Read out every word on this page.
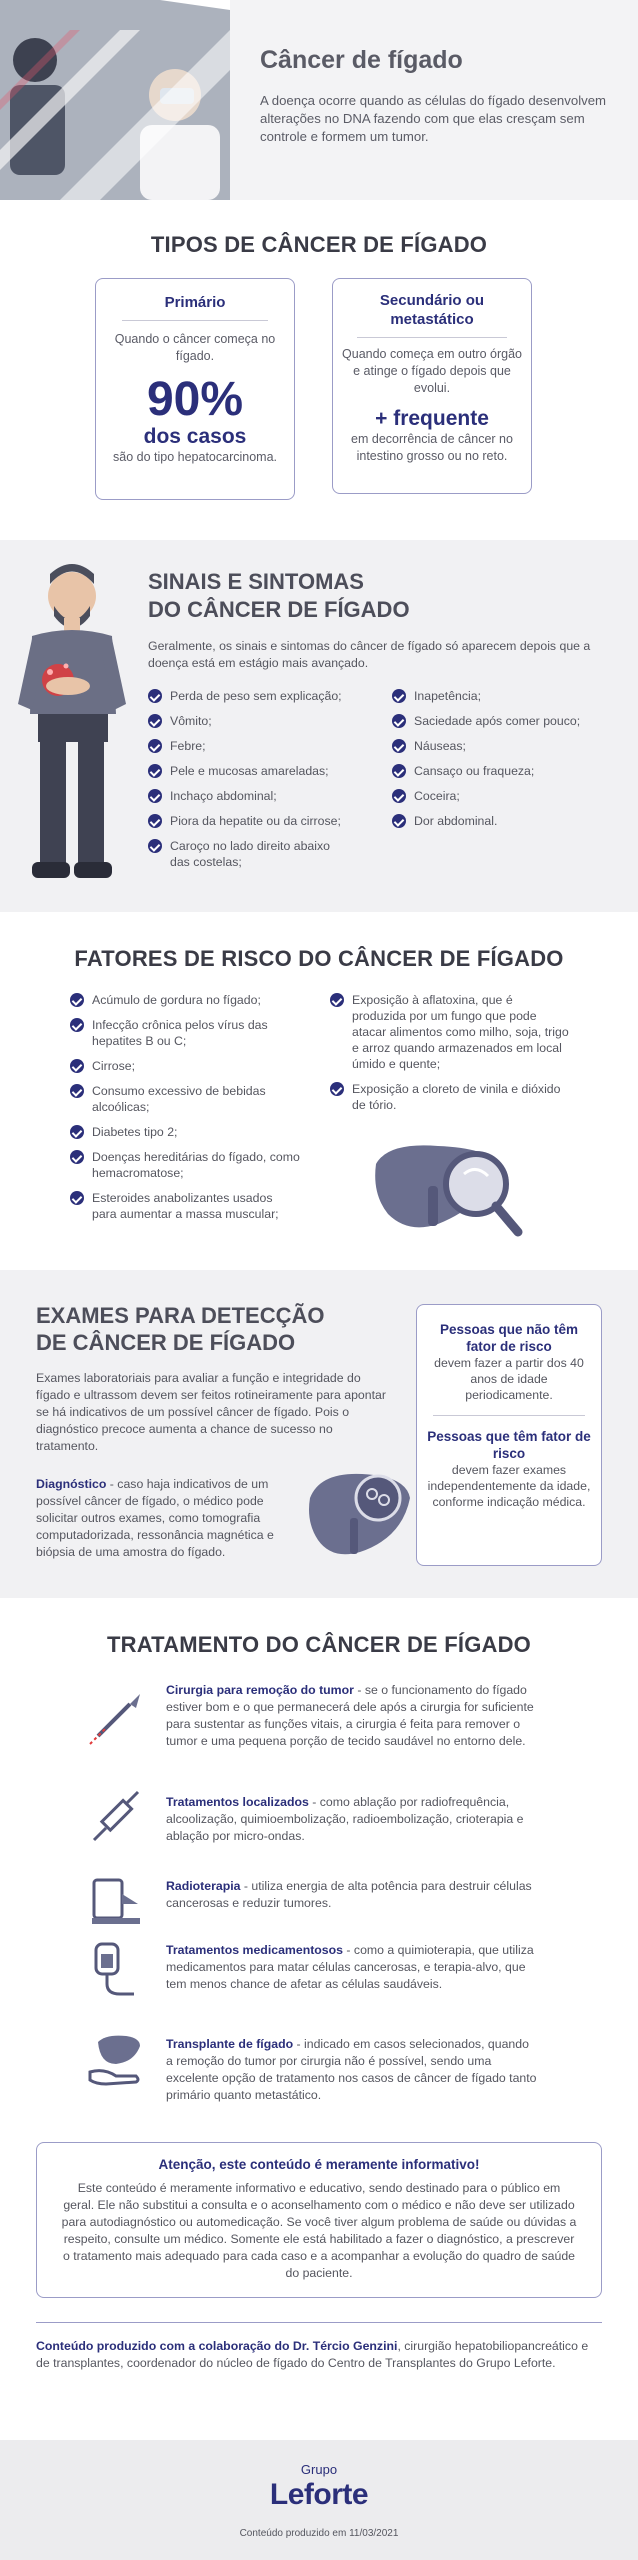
Câncer de fígado

A doença ocorre quando as células do fígado desenvolvem alterações no DNA fazendo com que elas cresçam sem controle e formem um tumor.

TIPOS DE CÂNCER DE FÍGADO
Primário

Quando o câncer começa no fígado.

90%
dos casos

são do tipo hepatocarcinoma.

Secundário ou metastático

Quando começa em outro órgão e atinge o fígado depois que evolui.

+ frequente

em decorrência de câncer no intestino grosso ou no reto.

SINAIS E SINTOMAS
DO CÂNCER DE FÍGADO

Geralmente, os sinais e sintomas do câncer de fígado só aparecem depois que a doença está em estágio mais avançado.

Perda de peso sem explicação;
Vômito;
Febre;
Pele e mucosas amareladas;
Inchaço abdominal;
Piora da hepatite ou da cirrose;
Caroço no lado direito abaixo das costelas;
Inapetência;
Saciedade após comer pouco;
Náuseas;
Cansaço ou fraqueza;
Coceira;
Dor abdominal.
FATORES DE RISCO DO CÂNCER DE FÍGADO
Acúmulo de gordura no fígado;
Infecção crônica pelos vírus das hepatites B ou C;
Cirrose;
Consumo excessivo de bebidas alcoólicas;
Diabetes tipo 2;
Doenças hereditárias do fígado, como hemacromatose;
Esteroides anabolizantes usados para aumentar a massa muscular;
Exposição à aflatoxina, que é produzida por um fungo que pode atacar alimentos como milho, soja, trigo e arroz quando armazenados em local úmido e quente;
Exposição a cloreto de vinila e dióxido de tório.
EXAMES PARA DETECÇÃO
DE CÂNCER DE FÍGADO

Exames laboratoriais para avaliar a função e integridade do fígado e ultrassom devem ser feitos rotineiramente para apontar se há indicativos de um possível câncer de fígado. Pois o diagnóstico precoce aumenta a chance de sucesso no tratamento.

Diagnóstico - caso haja indicativos de um possível câncer de fígado, o médico pode solicitar outros exames, como tomografia computadorizada, ressonância magnética e biópsia de uma amostra do fígado.

Pessoas que não têm fator de risco
devem fazer a partir dos 40 anos de idade periodicamente.
Pessoas que têm fator de risco
devem fazer exames independentemente da idade, conforme indicação médica.
TRATAMENTO DO CÂNCER DE FÍGADO
Cirurgia para remoção do tumor - se o funcionamento do fígado estiver bom e o que permanecerá dele após a cirurgia for suficiente para sustentar as funções vitais, a cirurgia é feita para remover o tumor e uma pequena porção de tecido saudável no entorno dele.
Tratamentos localizados - como ablação por radiofrequência, alcoolização, quimioembolização, radioembolização, crioterapia e ablação por micro-ondas.
Radioterapia - utiliza energia de alta potência para destruir células cancerosas e reduzir tumores.
Tratamentos medicamentosos - como a quimioterapia, que utiliza medicamentos para matar células cancerosas, e terapia-alvo, que tem menos chance de afetar as células saudáveis.
Transplante de fígado - indicado em casos selecionados, quando a remoção do tumor por cirurgia não é possível, sendo uma excelente opção de tratamento nos casos de câncer de fígado tanto primário quanto metastático.
Atenção, este conteúdo é meramente informativo!

Este conteúdo é meramente informativo e educativo, sendo destinado para o público em geral. Ele não substitui a consulta e o aconselhamento com o médico e não deve ser utilizado para autodiagnóstico ou automedicação. Se você tiver algum problema de saúde ou dúvidas a respeito, consulte um médico. Somente ele está habilitado a fazer o diagnóstico, a prescrever o tratamento mais adequado para cada caso e a acompanhar a evolução do quadro de saúde do paciente.

Conteúdo produzido com a colaboração do Dr. Tércio Genzini, cirurgião hepatobiliopancreático e de transplantes, coordenador do núcleo de fígado do Centro de Transplantes do Grupo Leforte.
Grupo
Leforte
Conteúdo produzido em 11/03/2021
